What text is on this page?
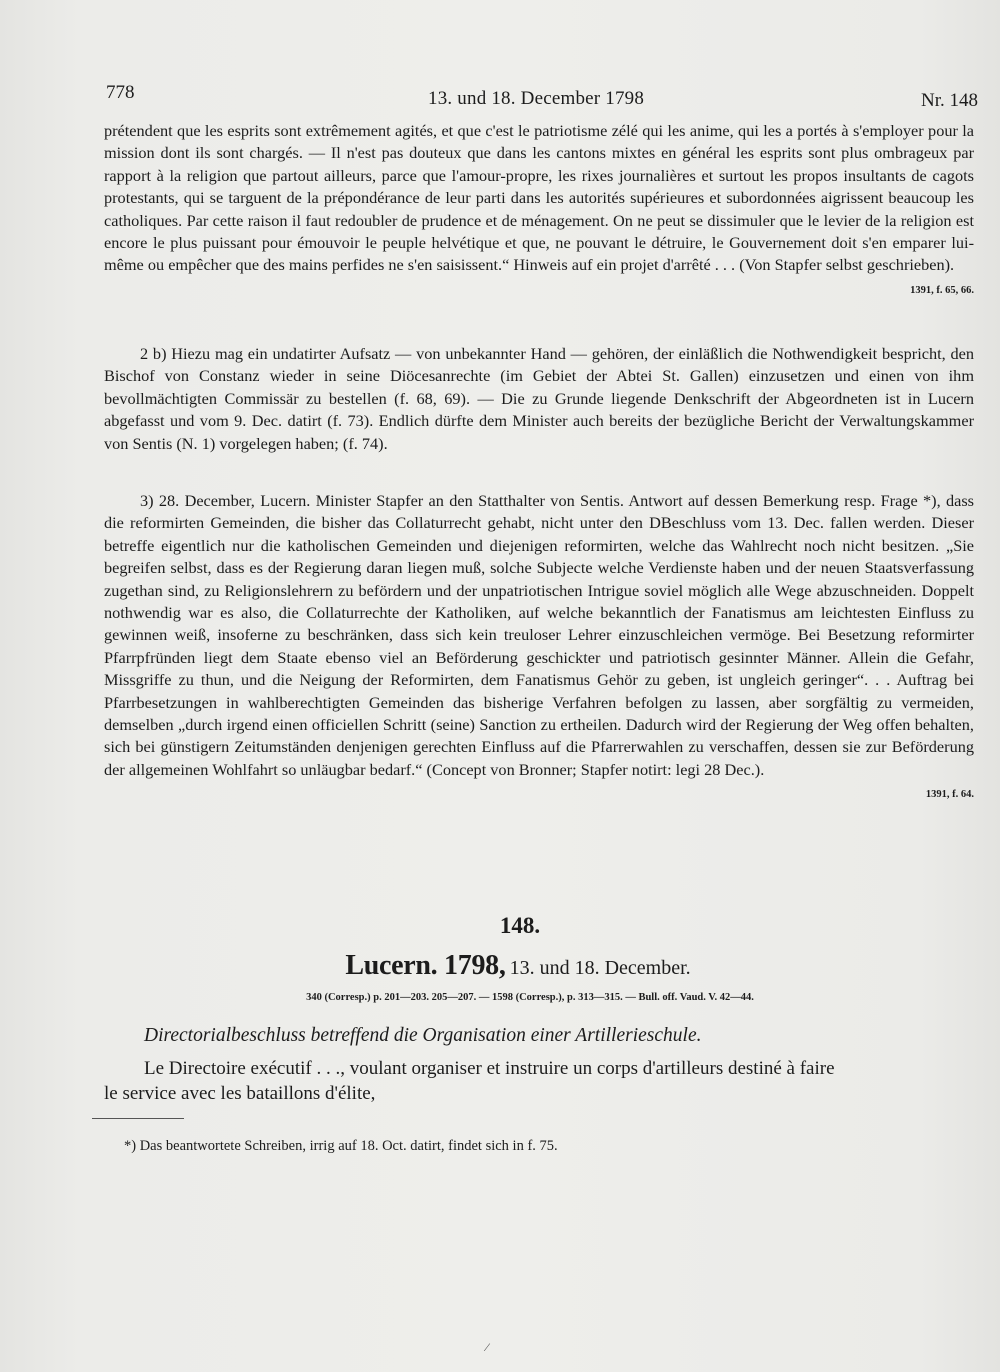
778	13. und 18. December 1798	Nr. 148

prétendent que les esprits sont extrêmement agités, et que c'est le patriotisme zélé qui les anime, qui les a portés à s'employer pour la mission dont ils sont chargés. — Il n'est pas douteux que dans les cantons mixtes en général les esprits sont plus ombrageux par rapport à la religion que partout ailleurs, parce que l'amour-propre, les rixes journalières et surtout les propos insultants de cagots protestants, qui se targuent de la prépondérance de leur parti dans les autorités supérieures et subordonnées aigrissent beaucoup les catholiques. Par cette raison il faut redoubler de prudence et de ménagement. On ne peut se dissimuler que le levier de la religion est encore le plus puissant pour émouvoir le peuple helvétique et que, ne pouvant le détruire, le Gouvernement doit s'en emparer lui-même ou empêcher que des mains perfides ne s'en saisissent.“ Hinweis auf ein projet d'arrêté . . . (Von Stapfer selbst geschrieben).

1391, f. 65, 66.

2 b) Hiezu mag ein undatirter Aufsatz — von unbekannter Hand — gehören, der einläßlich die Nothwendigkeit bespricht, den Bischof von Constanz wieder in seine Diöcesanrechte (im Gebiet der Abtei St. Gallen) einzusetzen und einen von ihm bevollmächtigten Commissär zu bestellen (f. 68, 69). — Die zu Grunde liegende Denkschrift der Abgeordneten ist in Lucern abgefasst und vom 9. Dec. datirt (f. 73). Endlich dürfte dem Minister auch bereits der bezügliche Bericht der Verwaltungskammer von Sentis (N. 1) vorgelegen haben; (f. 74).

3) 28. December, Lucern. Minister Stapfer an den Statthalter von Sentis. Antwort auf dessen Bemerkung resp. Frage *), dass die reformirten Gemeinden, die bisher das Collaturrecht gehabt, nicht unter den DBeschluss vom 13. Dec. fallen werden. Dieser betreffe eigentlich nur die katholischen Gemeinden und diejenigen reformirten, welche das Wahlrecht noch nicht besitzen. „Sie begreifen selbst, dass es der Regierung daran liegen muß, solche Subjecte welche Verdienste haben und der neuen Staatsverfassung zugethan sind, zu Religionslehrern zu befördern und der unpatriotischen Intrigue soviel möglich alle Wege abzuschneiden. Doppelt nothwendig war es also, die Collaturrechte der Katholiken, auf welche bekanntlich der Fanatismus am leichtesten Einfluss zu gewinnen weiß, insoferne zu beschränken, dass sich kein treuloser Lehrer einzuschleichen vermöge. Bei Besetzung reformirter Pfarrpfründen liegt dem Staate ebenso viel an Beförderung geschickter und patriotisch gesinnter Männer. Allein die Gefahr, Missgriffe zu thun, und die Neigung der Reformirten, dem Fanatismus Gehör zu geben, ist ungleich geringer“. . . Auftrag bei Pfarrbesetzungen in wahlberechtigten Gemeinden das bisherige Verfahren befolgen zu lassen, aber sorgfältig zu vermeiden, demselben „durch irgend einen officiellen Schritt (seine) Sanction zu ertheilen. Dadurch wird der Regierung der Weg offen behalten, sich bei günstigern Zeitumständen denjenigen gerechten Einfluss auf die Pfarrerwahlen zu verschaffen, dessen sie zur Beförderung der allgemeinen Wohlfahrt so unläugbar bedarf.“ (Concept von Bronner; Stapfer notirt: legi 28 Dec.).

1391, f. 64.
148.
Lucern. 1798, 13. und 18. December.
340 (Corresp.) p. 201—203. 205—207. — 1598 (Corresp.), p. 313—315. — Bull. off. Vaud. V. 42—44.
Directorialbeschluss betreffend die Organisation einer Artillerieschule.
Le Directoire exécutif . . ., voulant organiser et instruire un corps d'artilleurs destiné à faire
le service avec les bataillons d'élite,
*) Das beantwortete Schreiben, irrig auf 18. Oct. datirt, findet sich in f. 75.
⁄
